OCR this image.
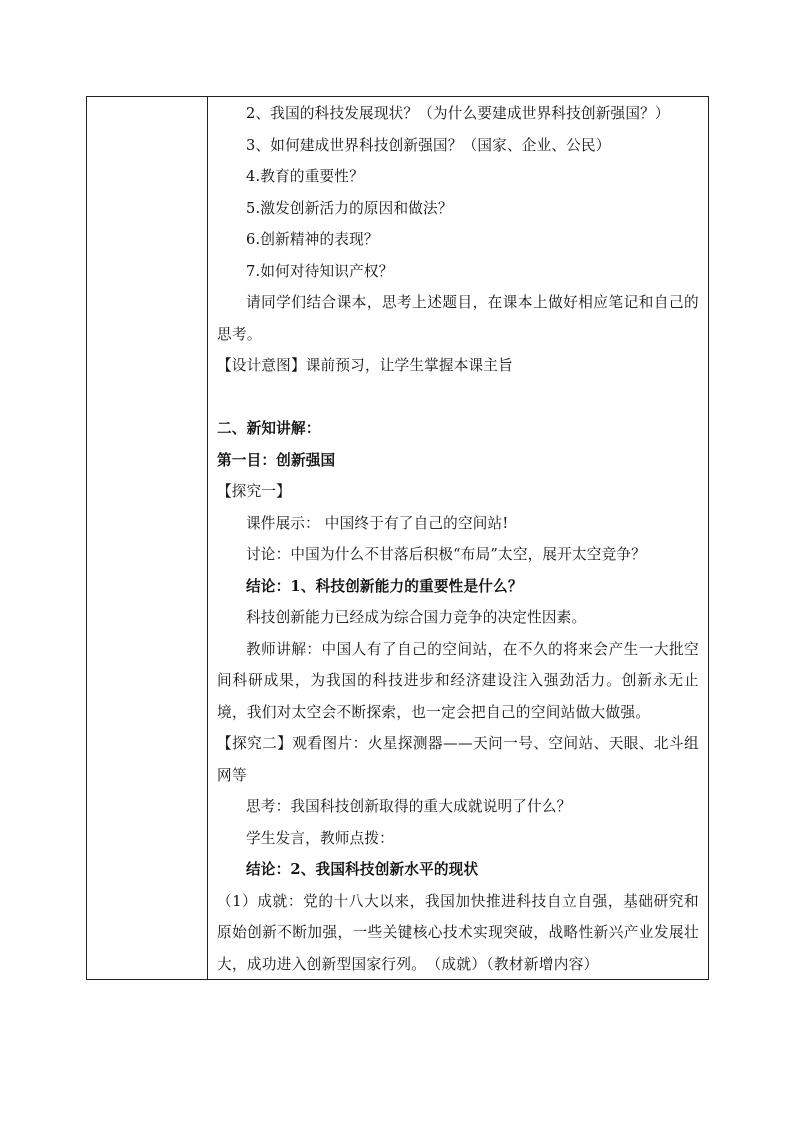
2、我国的科技发展现状？（为什么要建成世界科技创新强国？）
3、如何建成世界科技创新强国？（国家、企业、公民）
4.教育的重要性？
5.激发创新活力的原因和做法？
6.创新精神的表现？
7.如何对待知识产权？
请同学们结合课本，思考上述题目，在课本上做好相应笔记和自己的思考。
【设计意图】课前预习，让学生掌握本课主旨
二、新知讲解：
第一目：创新强国
【探究一】
课件展示： 中国终于有了自己的空间站!
讨论：中国为什么不甘落后积极“布局”太空，展开太空竞争？
结论：1、科技创新能力的重要性是什么？
科技创新能力已经成为综合国力竞争的决定性因素。
教师讲解：中国人有了自己的空间站，在不久的将来会产生一大批空间科研成果，为我国的科技进步和经济建设注入强劲活力。创新永无止境，我们对太空会不断探索，也一定会把自己的空间站做大做强。
【探究二】观看图片：火星探测器——天问一号、空间站、天眼、北斗组网等
思考：我国科技创新取得的重大成就说明了什么？
学生发言，教师点拨：
结论：2、我国科技创新水平的现状
（1）成就：党的十八大以来，我国加快推进科技自立自强，基础研究和原始创新不断加强，一些关键核心技术实现突破，战略性新兴产业发展壮大，成功进入创新型国家行列。　（成就）（教材新增内容）
